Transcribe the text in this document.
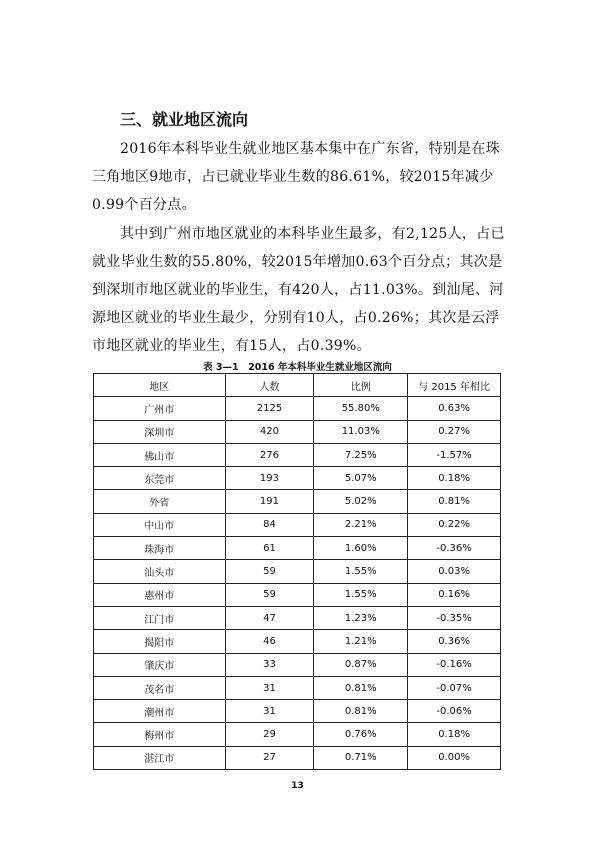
三、就业地区流向

2016年本科毕业生就业地区基本集中在广东省，特别是在珠三角地区9地市，占已就业毕业生数的86.61%，较2015年减少0.99个百分点。

其中到广州市地区就业的本科毕业生最多，有2,125人，占已就业毕业生数的55.80%，较2015年增加0.63个百分点；其次是到深圳市地区就业的毕业生，有420人，占11.03%。到汕尾、河源地区就业的毕业生最少，分别有10人，占0.26%；其次是云浮市地区就业的毕业生，有15人，占0.39%。

表 3—1　2016 年本科毕业生就业地区流向
地区	人数	比例	与 2015 年相比
广州市	2125	55.80%	0.63%
深圳市	420	11.03%	0.27%
佛山市	276	7.25%	-1.57%
东莞市	193	5.07%	0.18%
外省	191	5.02%	0.81%
中山市	84	2.21%	0.22%
珠海市	61	1.60%	-0.36%
汕头市	59	1.55%	0.03%
惠州市	59	1.55%	0.16%
江门市	47	1.23%	-0.35%
揭阳市	46	1.21%	0.36%
肇庆市	33	0.87%	-0.16%
茂名市	31	0.81%	-0.07%
潮州市	31	0.81%	-0.06%
梅州市	29	0.76%	0.18%
湛江市	27	0.71%	0.00%
13
